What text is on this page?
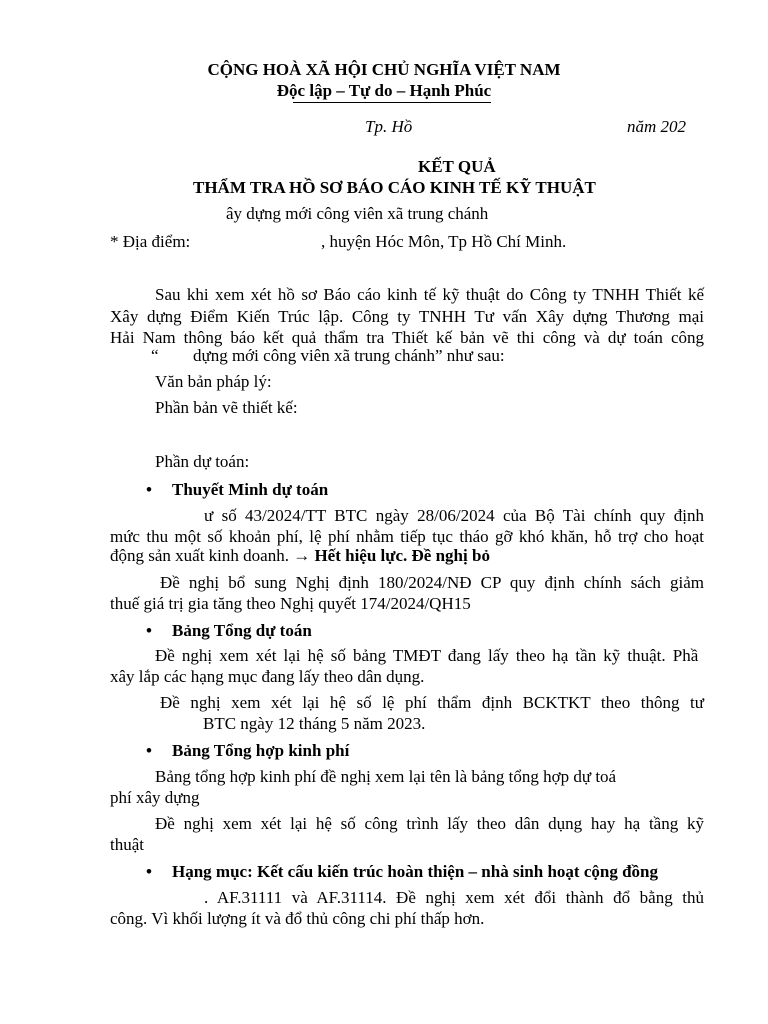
CỘNG HOÀ XÃ HỘI CHỦ NGHĨA VIỆT NAM
Độc lập – Tự do – Hạnh Phúc
Tp. Hồ	năm 202
KẾT QUẢ
THẨM TRA HỒ SƠ BÁO CÁO KINH TẾ KỸ THUẬT
ây dựng mới công viên xã trung chánh
* Địa điểm:	, huyện Hóc Môn, Tp Hồ Chí Minh.
Sau khi xem xét hồ sơ Báo cáo kinh tế kỹ thuật do Công ty TNHH Thiết kế
Xây dựng Điểm Kiến Trúc lập. Công ty TNHH Tư vấn Xây dựng Thương mại
Hải Nam thông báo kết quả thẩm tra Thiết kế bản vẽ thi công và dự toán công
“ dựng mới công viên xã trung chánh” như sau:
Văn bản pháp lý:
Phần bản vẽ thiết kế:
Phần dự toán:
• Thuyết Minh dự toán
ư số 43/2024/TT BTC ngày 28/06/2024 của Bộ Tài chính quy định
mức thu một số khoản phí, lệ phí nhằm tiếp tục tháo gỡ khó khăn, hỗ trợ cho hoạt
động sản xuất kinh doanh. → Hết hiệu lực. Đề nghị bỏ
Đề nghị bổ sung Nghị định 180/2024/NĐ CP quy định chính sách giảm
thuế giá trị gia tăng theo Nghị quyết 174/2024/QH15
• Bảng Tổng dự toán
Đề nghị xem xét lại hệ số bảng TMĐT đang lấy theo hạ tần kỹ thuật. Phầ
xây lắp các hạng mục đang lấy theo dân dụng.
Đề nghị xem xét lại hệ số lệ phí thẩm định BCKTKT theo thông tư
BTC ngày 12 tháng 5 năm 2023.
• Bảng Tổng hợp kinh phí
Bảng tổng hợp kinh phí đề nghị xem lại tên là bảng tổng hợp dự toá
phí xây dựng
Đề nghị xem xét lại hệ số công trình lấy theo dân dụng hay hạ tầng kỹ
thuật
• Hạng mục: Kết cấu kiến trúc hoàn thiện – nhà sinh hoạt cộng đồng
. AF.31111 và AF.31114. Đề nghị xem xét đổi thành đổ bằng thủ
công. Vì khối lượng ít và đổ thủ công chi phí thấp hơn.
